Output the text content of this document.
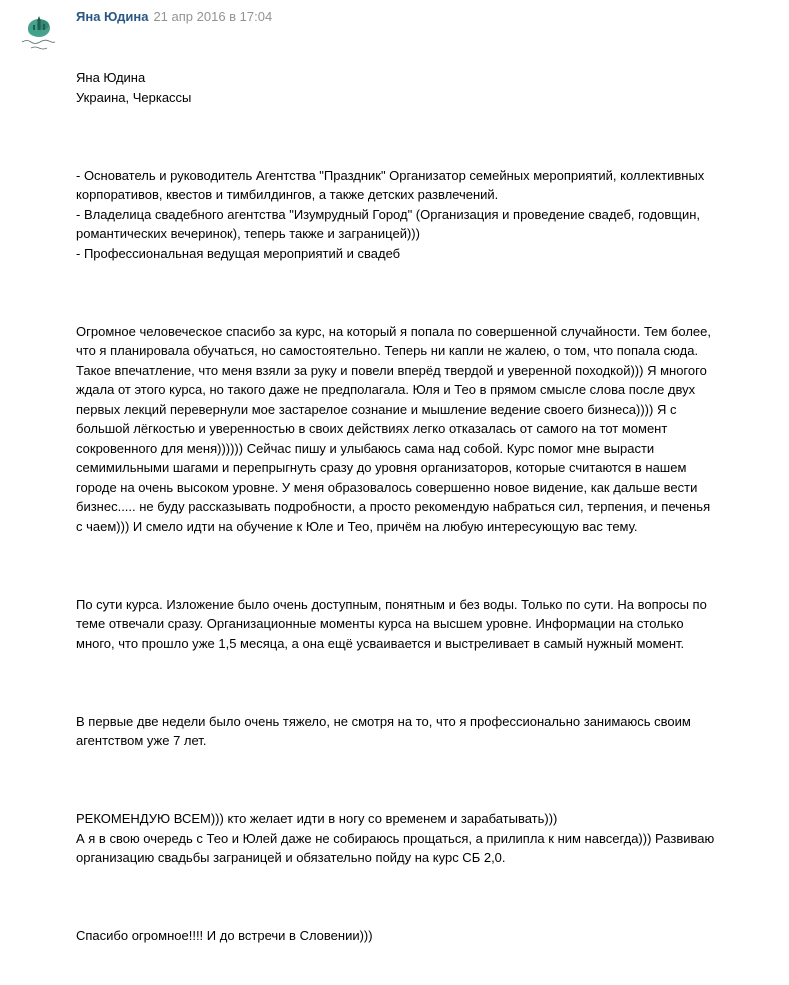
Яна Юдина 21 апр 2016 в 17:04

Яна Юдина
Украина, Черкассы

- Основатель и руководитель Агентства "Праздник" Организатор семейных мероприятий, коллективных
корпоративов, квестов и тимбилдингов, а также детских развлечений.
- Владелица свадебного агентства "Изумрудный Город" (Организация и проведение свадеб, годовщин,
романтических вечеринок), теперь также и заграницей)))
- Профессиональная ведущая мероприятий и свадеб

Огромное человеческое спасибо за курс, на который я попала по совершенной случайности. Тем более,
что я планировала обучаться, но самостоятельно. Теперь ни капли не жалею, о том, что попала сюда.
Такое впечатление, что меня взяли за руку и повели вперёд твердой и уверенной походкой))) Я многого
ждала от этого курса, но такого даже не предполагала. Юля и Тео в прямом смысле слова после двух
первых лекций перевернули мое застарелое сознание и мышление ведение своего бизнеса)))) Я с
большой лёгкостью и уверенностью в своих действиях легко отказалась от самого на тот момент
сокровенного для меня)))))) Сейчас пишу и улыбаюсь сама над собой. Курс помог мне вырасти
семимильными шагами и перепрыгнуть сразу до уровня организаторов, которые считаются в нашем
городе на очень высоком уровне. У меня образовалось совершенно новое видение, как дальше вести
бизнес..... не буду рассказывать подробности, а просто рекомендую набраться сил, терпения, и печенья
с чаем))) И смело идти на обучение к Юле и Тео, причём на любую интересующую вас тему.

По сути курса. Изложение было очень доступным, понятным и без воды. Только по сути. На вопросы по
теме отвечали сразу. Организационные моменты курса на высшем уровне. Информации на столько
много, что прошло уже 1,5 месяца, а она ещё усваивается и выстреливает в самый нужный момент.

В первые две недели было очень тяжело, не смотря на то, что я профессионально занимаюсь своим
агентством уже 7 лет.

РЕКОМЕНДУЮ ВСЕМ))) кто желает идти в ногу со временем и зарабатывать)))
А я в свою очередь с Тео и Юлей даже не собираюсь прощаться, а прилипла к ним навсегда))) Развиваю
организацию свадьбы заграницей и обязательно пойду на курс СБ 2,0.

Спасибо огромное!!!! И до встречи в Словении)))
